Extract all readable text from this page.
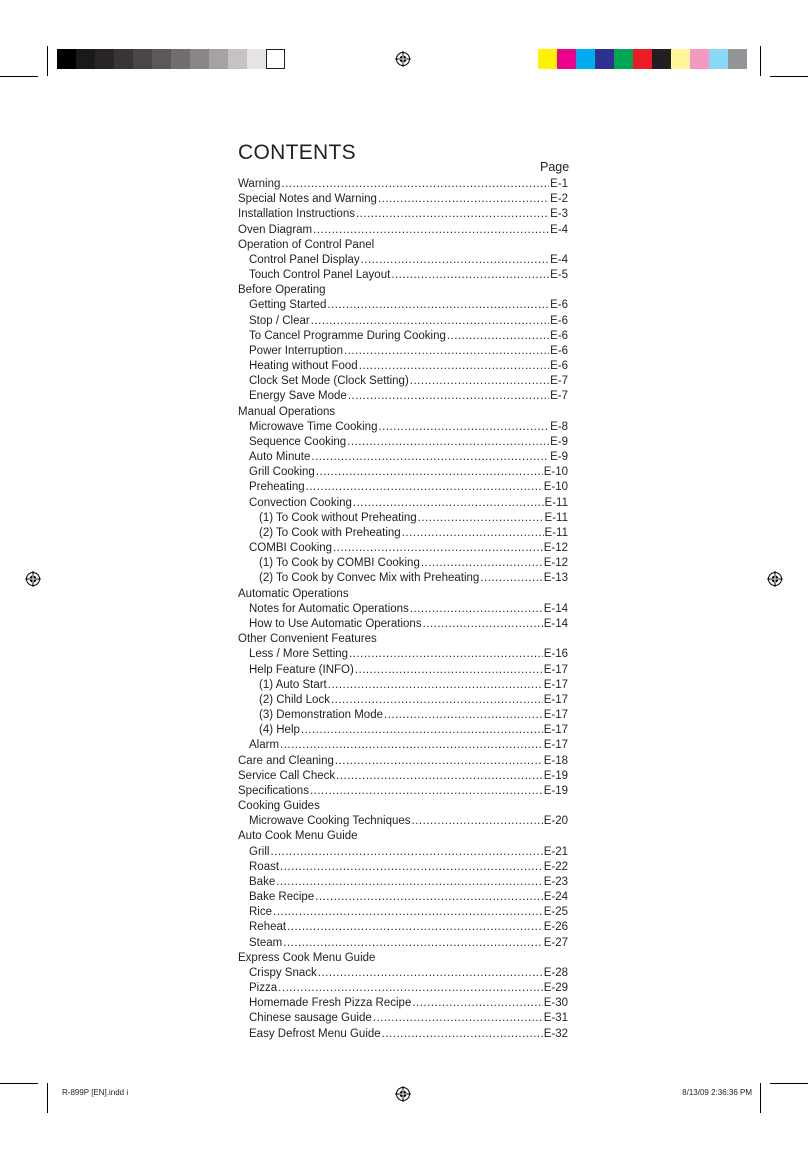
CONTENTS
Page
Warning .....	E-1
Special Notes and Warning .....	E-2
Installation Instructions .....	E-3
Oven Diagram .....	E-4
Operation of Control Panel
Control Panel Display .....	E-4
Touch Control Panel Layout .....	E-5
Before Operating
Getting Started .....	E-6
Stop / Clear .....	E-6
To Cancel Programme During Cooking .....	E-6
Power Interruption .....	E-6
Heating without Food .....	E-6
Clock Set Mode (Clock Setting) .....	E-7
Energy Save Mode .....	E-7
Manual Operations
Microwave Time Cooking .....	E-8
Sequence Cooking .....	E-9
Auto Minute .....	E-9
Grill Cooking .....	E-10
Preheating .....	E-10
Convection Cooking .....	E-11
(1) To Cook without Preheating .....	E-11
(2) To Cook with Preheating .....	E-11
COMBI Cooking .....	E-12
(1) To Cook by COMBI Cooking .....	E-12
(2) To Cook by Convec Mix with Preheating .....	E-13
Automatic Operations
Notes for Automatic Operations .....	E-14
How to Use Automatic Operations .....	E-14
Other Convenient Features
Less / More Setting .....	E-16
Help Feature (INFO) .....	E-17
(1) Auto Start .....	E-17
(2) Child Lock .....	E-17
(3) Demonstration Mode .....	E-17
(4) Help .....	E-17
Alarm .....	E-17
Care and Cleaning .....	E-18
Service Call Check .....	E-19
Specifications .....	E-19
Cooking Guides
Microwave Cooking Techniques .....	E-20
Auto Cook Menu Guide
Grill .....	E-21
Roast .....	E-22
Bake .....	E-23
Bake Recipe .....	E-24
Rice .....	E-25
Reheat .....	E-26
Steam .....	E-27
Express Cook Menu Guide
Crispy Snack .....	E-28
Pizza .....	E-29
Homemade Fresh Pizza Recipe .....	E-30
Chinese sausage Guide .....	E-31
Easy Defrost Menu Guide .....	E-32
R-899P [EN].indd i	8/13/09 2:36:36 PM
